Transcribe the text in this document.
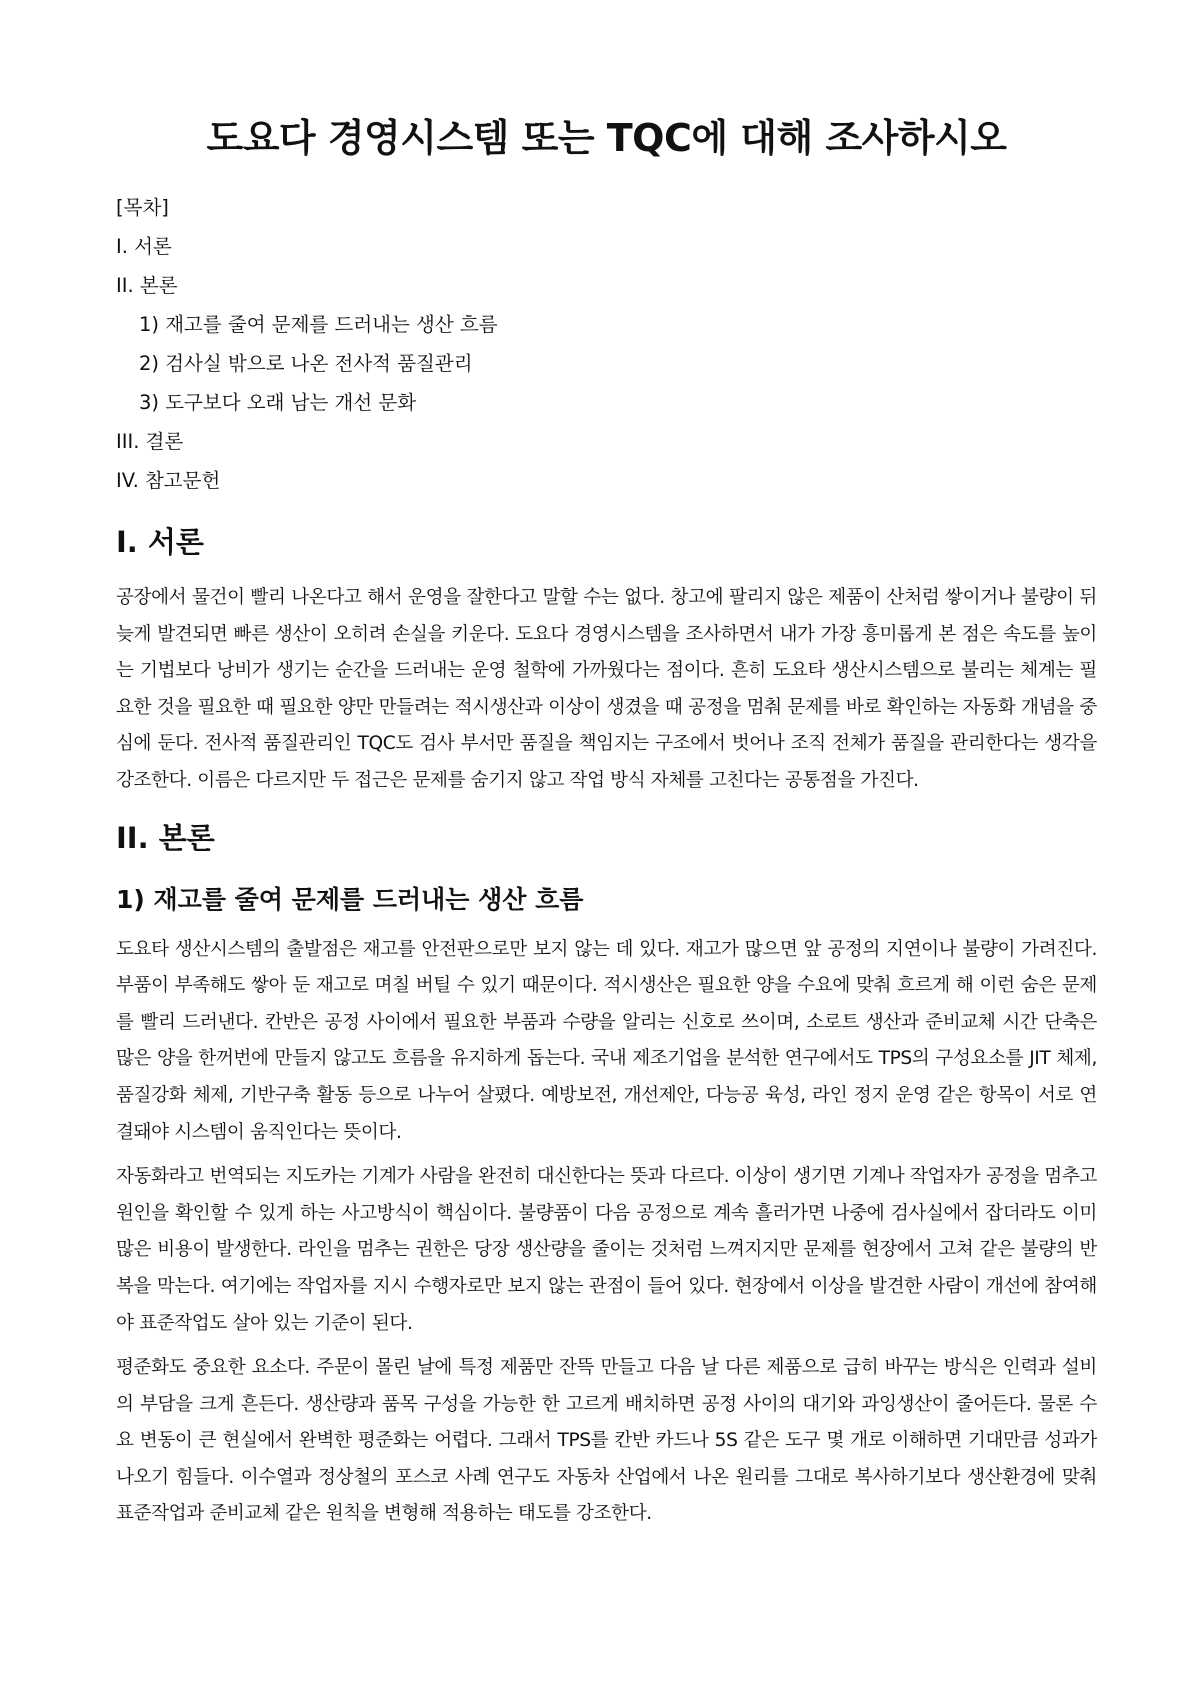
도요다 경영시스템 또는 TQC에 대해 조사하시오
[목차]
I. 서론
II. 본론
1) 재고를 줄여 문제를 드러내는 생산 흐름
2) 검사실 밖으로 나온 전사적 품질관리
3) 도구보다 오래 남는 개선 문화
III. 결론
IV. 참고문헌
I. 서론

공장에서 물건이 빨리 나온다고 해서 운영을 잘한다고 말할 수는 없다. 창고에 팔리지 않은 제품이 산처럼 쌓이거나 불량이 뒤늦게 발견되면 빠른 생산이 오히려 손실을 키운다. 도요다 경영시스템을 조사하면서 내가 가장 흥미롭게 본 점은 속도를 높이는 기법보다 낭비가 생기는 순간을 드러내는 운영 철학에 가까웠다는 점이다. 흔히 도요타 생산시스템으로 불리는 체계는 필요한 것을 필요한 때 필요한 양만 만들려는 적시생산과 이상이 생겼을 때 공정을 멈춰 문제를 바로 확인하는 자동화 개념을 중심에 둔다. 전사적 품질관리인 TQC도 검사 부서만 품질을 책임지는 구조에서 벗어나 조직 전체가 품질을 관리한다는 생각을 강조한다. 이름은 다르지만 두 접근은 문제를 숨기지 않고 작업 방식 자체를 고친다는 공통점을 가진다.

II. 본론
1) 재고를 줄여 문제를 드러내는 생산 흐름

도요타 생산시스템의 출발점은 재고를 안전판으로만 보지 않는 데 있다. 재고가 많으면 앞 공정의 지연이나 불량이 가려진다. 부품이 부족해도 쌓아 둔 재고로 며칠 버틸 수 있기 때문이다. 적시생산은 필요한 양을 수요에 맞춰 흐르게 해 이런 숨은 문제를 빨리 드러낸다. 칸반은 공정 사이에서 필요한 부품과 수량을 알리는 신호로 쓰이며, 소로트 생산과 준비교체 시간 단축은 많은 양을 한꺼번에 만들지 않고도 흐름을 유지하게 돕는다. 국내 제조기업을 분석한 연구에서도 TPS의 구성요소를 JIT 체제, 품질강화 체제, 기반구축 활동 등으로 나누어 살폈다. 예방보전, 개선제안, 다능공 육성, 라인 정지 운영 같은 항목이 서로 연결돼야 시스템이 움직인다는 뜻이다.

자동화라고 번역되는 지도카는 기계가 사람을 완전히 대신한다는 뜻과 다르다. 이상이 생기면 기계나 작업자가 공정을 멈추고 원인을 확인할 수 있게 하는 사고방식이 핵심이다. 불량품이 다음 공정으로 계속 흘러가면 나중에 검사실에서 잡더라도 이미 많은 비용이 발생한다. 라인을 멈추는 권한은 당장 생산량을 줄이는 것처럼 느껴지지만 문제를 현장에서 고쳐 같은 불량의 반복을 막는다. 여기에는 작업자를 지시 수행자로만 보지 않는 관점이 들어 있다. 현장에서 이상을 발견한 사람이 개선에 참여해야 표준작업도 살아 있는 기준이 된다.

평준화도 중요한 요소다. 주문이 몰린 날에 특정 제품만 잔뜩 만들고 다음 날 다른 제품으로 급히 바꾸는 방식은 인력과 설비의 부담을 크게 흔든다. 생산량과 품목 구성을 가능한 한 고르게 배치하면 공정 사이의 대기와 과잉생산이 줄어든다. 물론 수요 변동이 큰 현실에서 완벽한 평준화는 어렵다. 그래서 TPS를 칸반 카드나 5S 같은 도구 몇 개로 이해하면 기대만큼 성과가 나오기 힘들다. 이수열과 정상철의 포스코 사례 연구도 자동차 산업에서 나온 원리를 그대로 복사하기보다 생산환경에 맞춰 표준작업과 준비교체 같은 원칙을 변형해 적용하는 태도를 강조한다.
